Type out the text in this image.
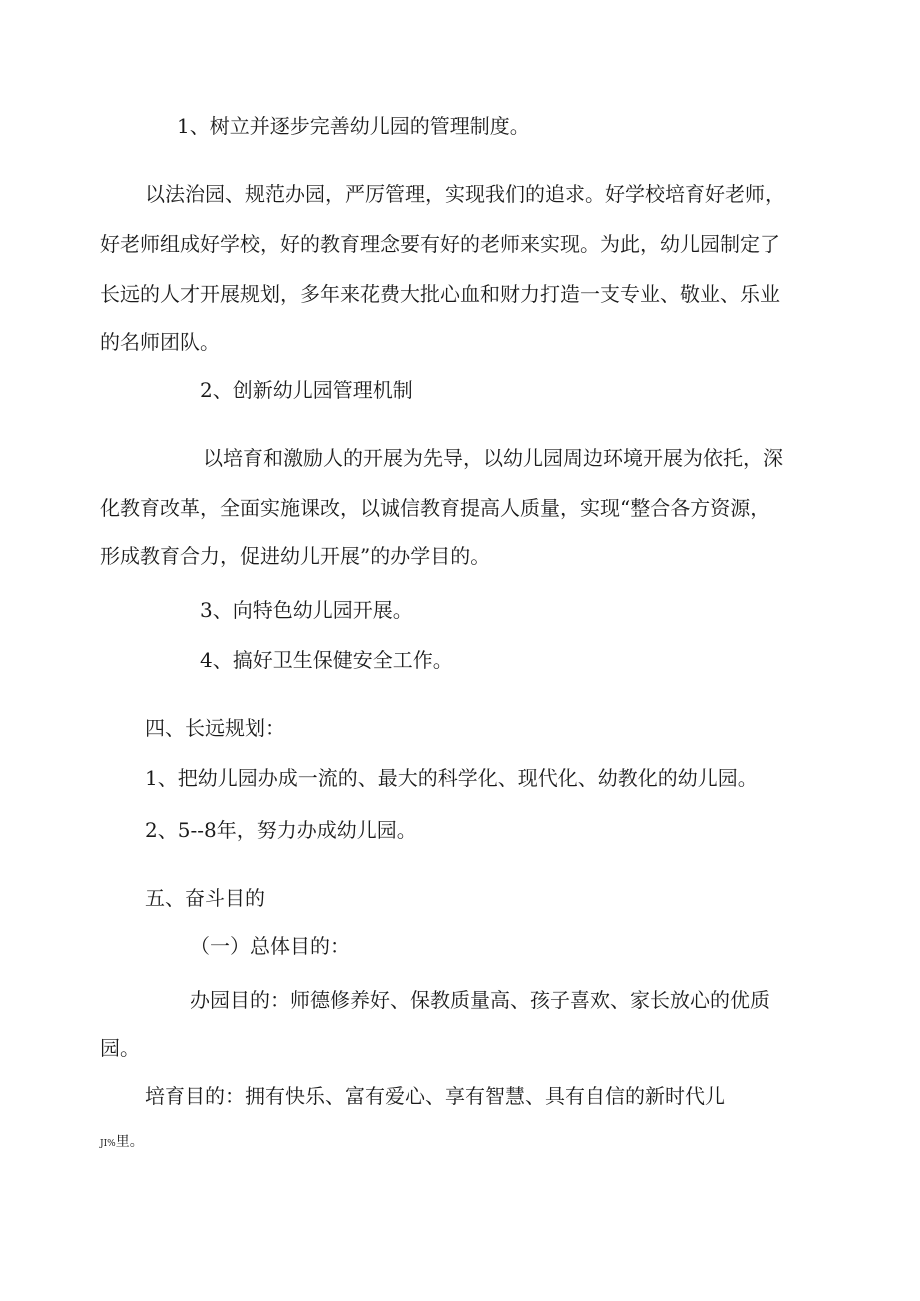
1、树立并逐步完善幼儿园的管理制度。

以法治园、规范办园，严厉管理，实现我们的追求。好学校培育好老师，

好老师组成好学校，好的教育理念要有好的老师来实现。为此，幼儿园制定了

长远的人才开展规划，多年来花费大批心血和财力打造一支专业、敬业、乐业

的名师团队。

2、创新幼儿园管理机制

以培育和激励人的开展为先导，以幼儿园周边环境开展为依托，深

化教育改革，全面实施课改，以诚信教育提高人质量，实现“整合各方资源，

形成教育合力，促进幼儿开展”的办学目的。

3、向特色幼儿园开展。

4、搞好卫生保健安全工作。

四、长远规划：

1、把幼儿园办成一流的、最大的科学化、现代化、幼教化的幼儿园。

2、5--8年，努力办成幼儿园。

五、奋斗目的

（一）总体目的：

办园目的：师德修养好、保教质量高、孩子喜欢、家长放心的优质

园。

培育目的：拥有快乐、富有爱心、享有智慧、具有自信的新时代儿

JI%里。
